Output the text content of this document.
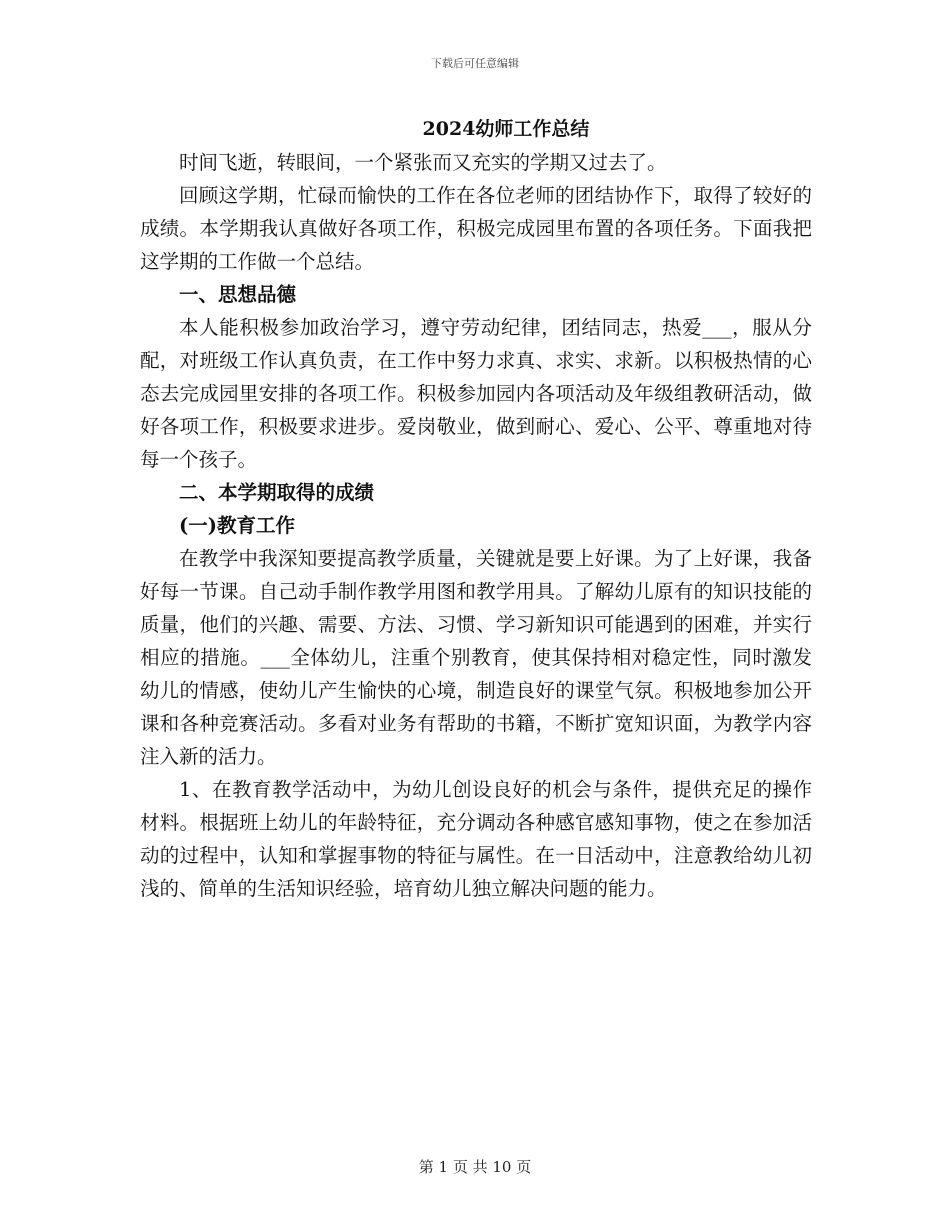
下载后可任意编辑
2024幼师工作总结

时间飞逝，转眼间，一个紧张而又充实的学期又过去了。

回顾这学期，忙碌而愉快的工作在各位老师的团结协作下，取得了较好的成绩。本学期我认真做好各项工作，积极完成园里布置的各项任务。下面我把这学期的工作做一个总结。

一、思想品德

本人能积极参加政治学习，遵守劳动纪律，团结同志，热爱___，服从分配，对班级工作认真负责，在工作中努力求真、求实、求新。以积极热情的心态去完成园里安排的各项工作。积极参加园内各项活动及年级组教研活动，做好各项工作，积极要求进步。爱岗敬业，做到耐心、爱心、公平、尊重地对待每一个孩子。

二、本学期取得的成绩

(一)教育工作

在教学中我深知要提高教学质量，关键就是要上好课。为了上好课，我备好每一节课。自己动手制作教学用图和教学用具。了解幼儿原有的知识技能的质量，他们的兴趣、需要、方法、习惯、学习新知识可能遇到的困难，并实行相应的措施。___全体幼儿，注重个别教育，使其保持相对稳定性，同时激发幼儿的情感，使幼儿产生愉快的心境，制造良好的课堂气氛。积极地参加公开课和各种竞赛活动。多看对业务有帮助的书籍，不断扩宽知识面，为教学内容注入新的活力。

1、在教育教学活动中，为幼儿创设良好的机会与条件，提供充足的操作材料。根据班上幼儿的年龄特征，充分调动各种感官感知事物，使之在参加活动的过程中，认知和掌握事物的特征与属性。在一日活动中，注意教给幼儿初浅的、简单的生活知识经验，培育幼儿独立解决问题的能力。

第 1 页 共 10 页
